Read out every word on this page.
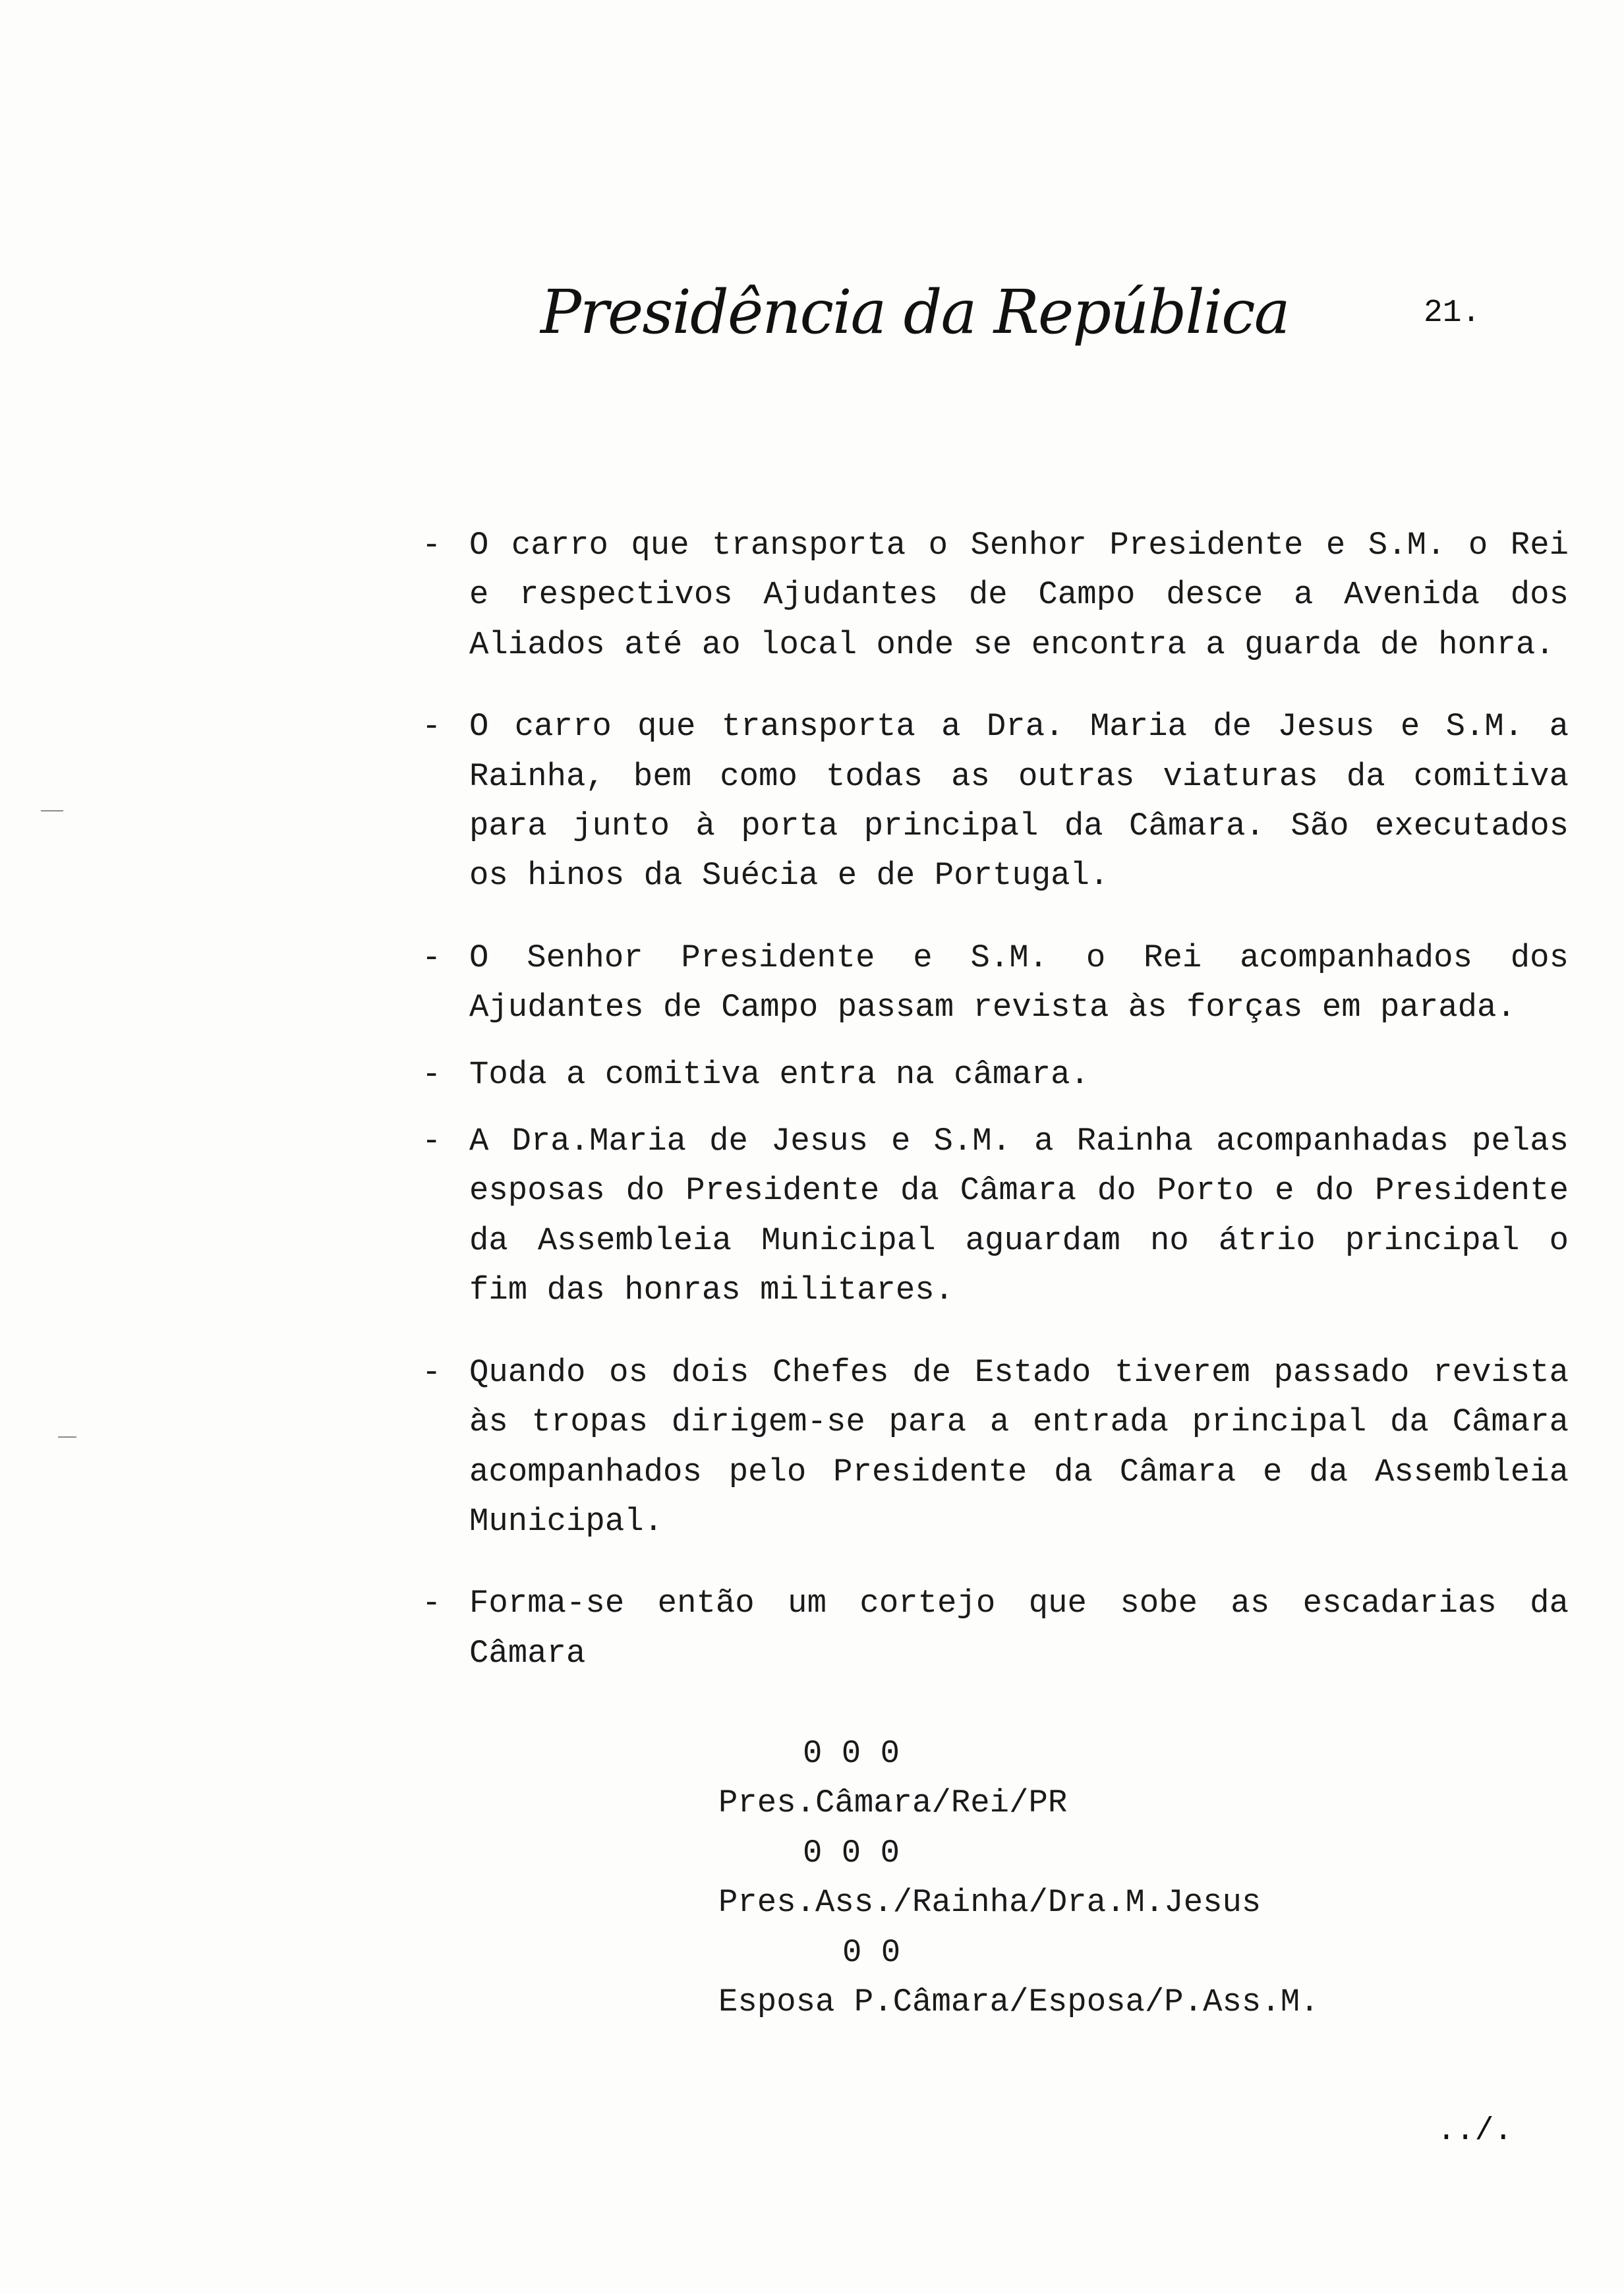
Presidência da República	21.
- O carro que transporta o Senhor Presidente e S.M. o Rei e respectivos Ajudantes de Campo desce a Avenida dos Aliados até ao local onde se encontra a guarda de honra.
- O carro que transporta a Dra. Maria de Jesus e S.M. a Rainha, bem como todas as outras viaturas da comitiva para junto à porta principal da Câmara. São executados os hinos da Suécia e de Portugal.
- O Senhor Presidente e S.M. o Rei acompanhados dos Ajudantes de Campo passam revista às forças em parada.
- Toda a comitiva entra na câmara.
- A Dra.Maria de Jesus e S.M. a Rainha acompanhadas pelas esposas do Presidente da Câmara do Porto e do Presidente da Assembleia Municipal aguardam no átrio principal o fim das honras militares.
- Quando os dois Chefes de Estado tiverem passado revista às tropas dirigem-se para a entrada principal da Câmara acompanhados pelo Presidente da Câmara e da Assembleia Municipal.
- Forma-se então um cortejo que sobe as escadarias da Câmara
0 0 0
Pres.Câmara/Rei/PR
0 0 0
Pres.Ass./Rainha/Dra.M.Jesus
0 0
Esposa P.Câmara/Esposa/P.Ass.M.
../.
